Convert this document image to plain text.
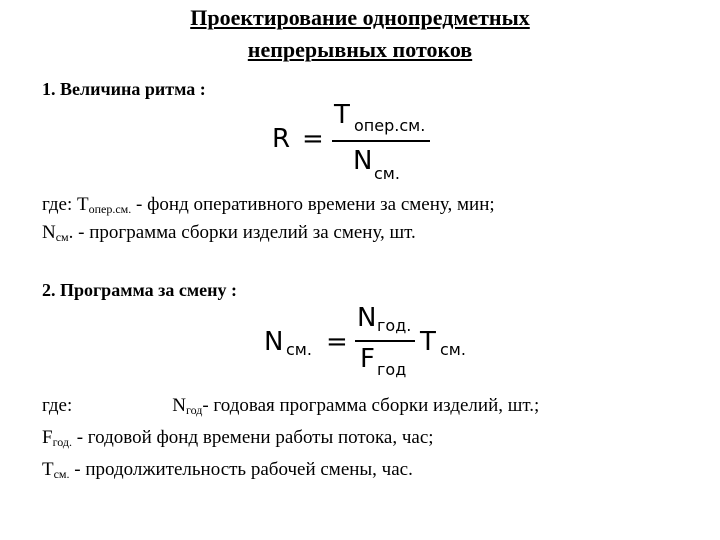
Проектирование однопредметных
непрерывных потоков
1. Величина ритма :
R =
T опер.см.
N см.
где: Топер.см. - фонд оперативного времени за смену, мин;
Nсм. - программа сборки изделий за смену, шт.
2. Программа за смену :
N см. =
N год.
F год
T см.
где:	Nгод- годовая программа сборки изделий, шт.;
Fгод. - годовой фонд времени работы потока, час;
Тсм. - продолжительность рабочей смены, час.
